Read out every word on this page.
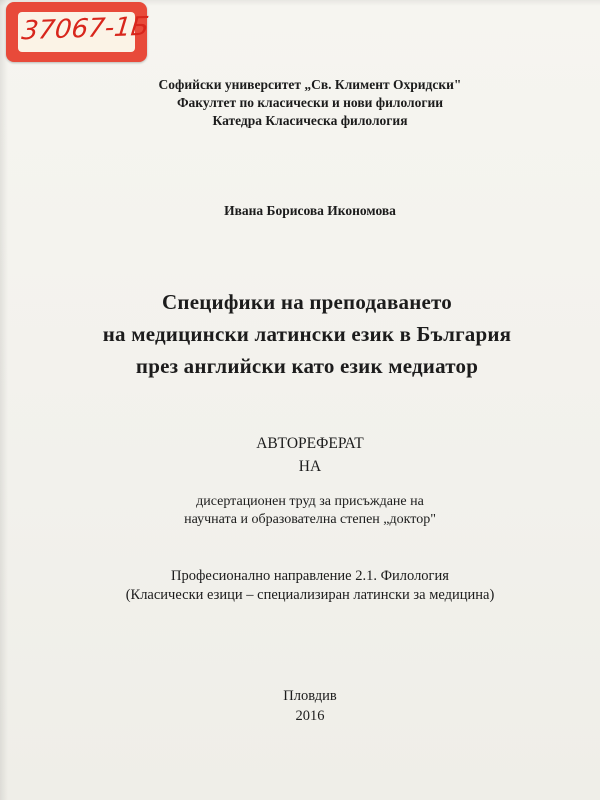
37067-1Б
Софийски университет „Св. Климент Охридски"
Факултет по класически и нови филологии
Катедра Класическа филология
Ивана Борисова Икономова
Специфики на преподаването
на медицински латински език в България
през английски като език медиатор
АВТОРЕФЕРАТ
НА
дисертационен труд за присъждане на
научната и образователна степен „доктор"
Професионално направление 2.1. Филология
(Класически езици – специализиран латински за медицина)
Пловдив
2016
